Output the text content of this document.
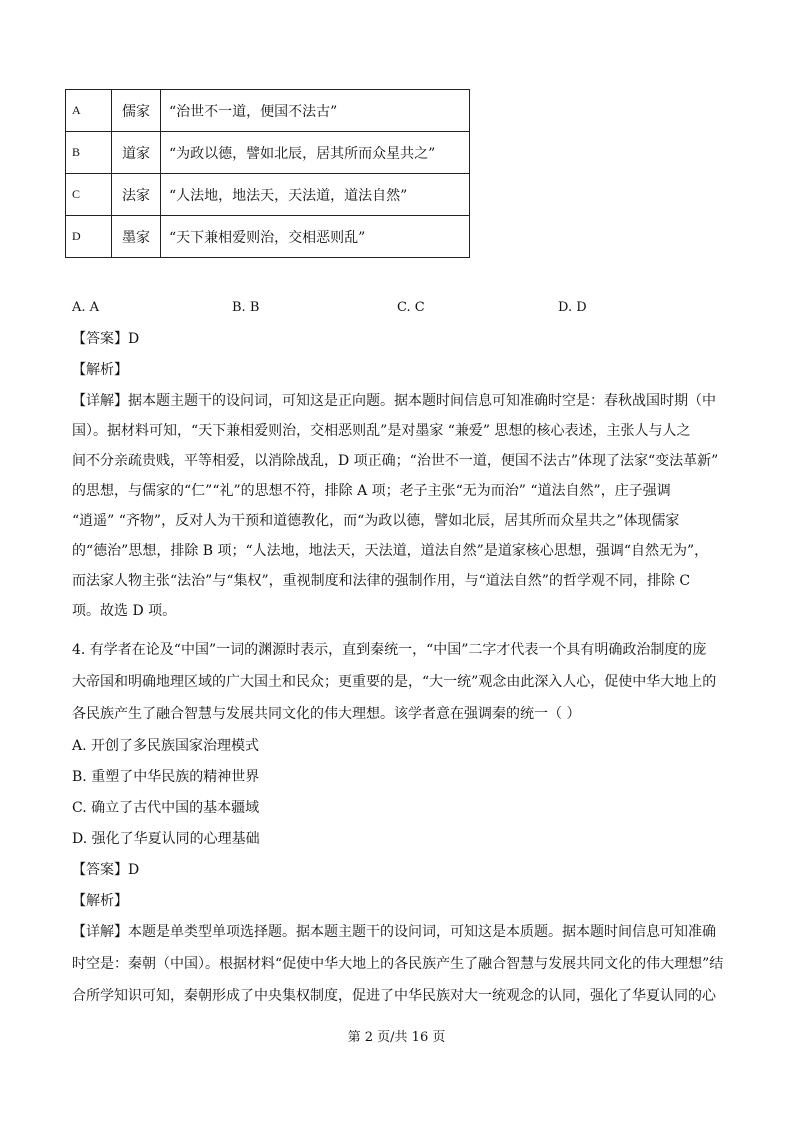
A	儒家	“治世不一道，便国不法古”
B	道家	“为政以德，譬如北辰，居其所而众星共之”
C	法家	“人法地，地法天，天法道，道法自然”
D	墨家	“天下兼相爱则治，交相恶则乱”
A. A	B. B	C. C	D. D
【答案】D
【解析】
【详解】据本题主题干的设问词，可知这是正向题。据本题时间信息可知准确时空是：春秋战国时期（中
国）。据材料可知，“天下兼相爱则治，交相恶则乱”是对墨家 “兼爱” 思想的核心表述，主张人与人之
间不分亲疏贵贱，平等相爱，以消除战乱，D 项正确；“治世不一道，便国不法古”体现了法家“变法革新”
的思想，与儒家的“仁”“礼”的思想不符，排除 A 项；老子主张“无为而治” “道法自然”，庄子强调
“逍遥” “齐物”，反对人为干预和道德教化，而“为政以德，譬如北辰，居其所而众星共之”体现儒家
的“德治”思想，排除 B 项；“人法地，地法天，天法道，道法自然”是道家核心思想，强调“自然无为”，
而法家人物主张“法治”与“集权”，重视制度和法律的强制作用，与“道法自然”的哲学观不同，排除 C
项。故选 D 项。
4. 有学者在论及“中国”一词的渊源时表示，直到秦统一，“中国”二字才代表一个具有明确政治制度的庞
大帝国和明确地理区域的广大国土和民众；更重要的是，“大一统”观念由此深入人心，促使中华大地上的
各民族产生了融合智慧与发展共同文化的伟大理想。该学者意在强调秦的统一（ ）
A. 开创了多民族国家治理模式
B. 重塑了中华民族的精神世界
C. 确立了古代中国的基本疆域
D. 强化了华夏认同的心理基础
【答案】D
【解析】
【详解】本题是单类型单项选择题。据本题主题干的设问词，可知这是本质题。据本题时间信息可知准确
时空是：秦朝（中国）。根据材料“促使中华大地上的各民族产生了融合智慧与发展共同文化的伟大理想”结
合所学知识可知，秦朝形成了中央集权制度，促进了中华民族对大一统观念的认同，强化了华夏认同的心
第 2 页/共 16 页
